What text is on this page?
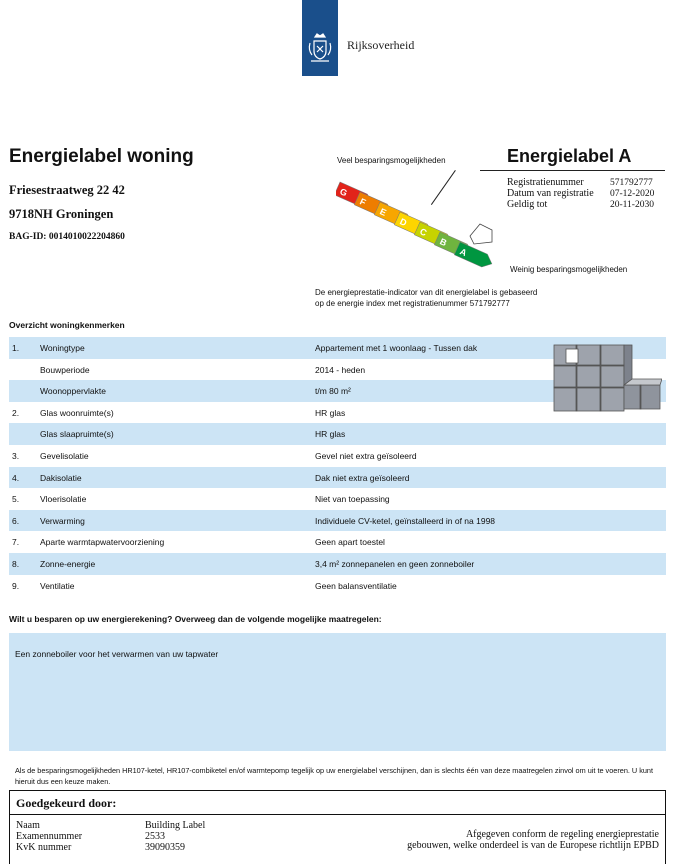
Rijksoverheid
Energielabel woning
Friesestraatweg 22 42
9718NH Groningen
BAG-ID: 0014010022204860
Veel besparingsmogelijkheden
G
F
E
D
C
B
A
Weinig besparingsmogelijkheden
Energielabel A
Registratienummer	571792777
Datum van registratie 07-12-2020
Geldig tot	20-11-2030
De energieprestatie-indicator van dit energielabel is gebaseerd
op de energie index met registratienummer 571792777
Overzicht woningkenmerken
1. Woningtype	Appartement met 1 woonlaag - Tussen dak
Bouwperiode	2014 - heden
Woonoppervlakte	t/m 80 m²
2. Glas woonruimte(s)	HR glas
Glas slaapruimte(s)	HR glas
3. Gevelisolatie	Gevel niet extra geïsoleerd
4. Dakisolatie	Dak niet extra geïsoleerd
5. Vloerisolatie	Niet van toepassing
6. Verwarming	Individuele CV-ketel, geïnstalleerd in of na 1998
7. Aparte warmtapwatervoorziening	Geen apart toestel
8. Zonne-energie	3,4 m² zonnepanelen en geen zonneboiler
9. Ventilatie	Geen balansventilatie
Wilt u besparen op uw energierekening? Overweeg dan de volgende mogelijke maatregelen:
Een zonneboiler voor het verwarmen van uw tapwater
Als de besparingsmogelijkheden HR107-ketel, HR107-combiketel en/of warmtepomp tegelijk op uw energielabel verschijnen, dan is slechts één van deze maatregelen zinvol om uit te voeren. U kunt hieruit dus een keuze maken.
Goedgekeurd door:
Naam	Building Label
Examennummer	2533
KvK nummer	39090359
Afgegeven conform de regeling energieprestatie
gebouwen, welke onderdeel is van de Europese richtlijn EPBD
